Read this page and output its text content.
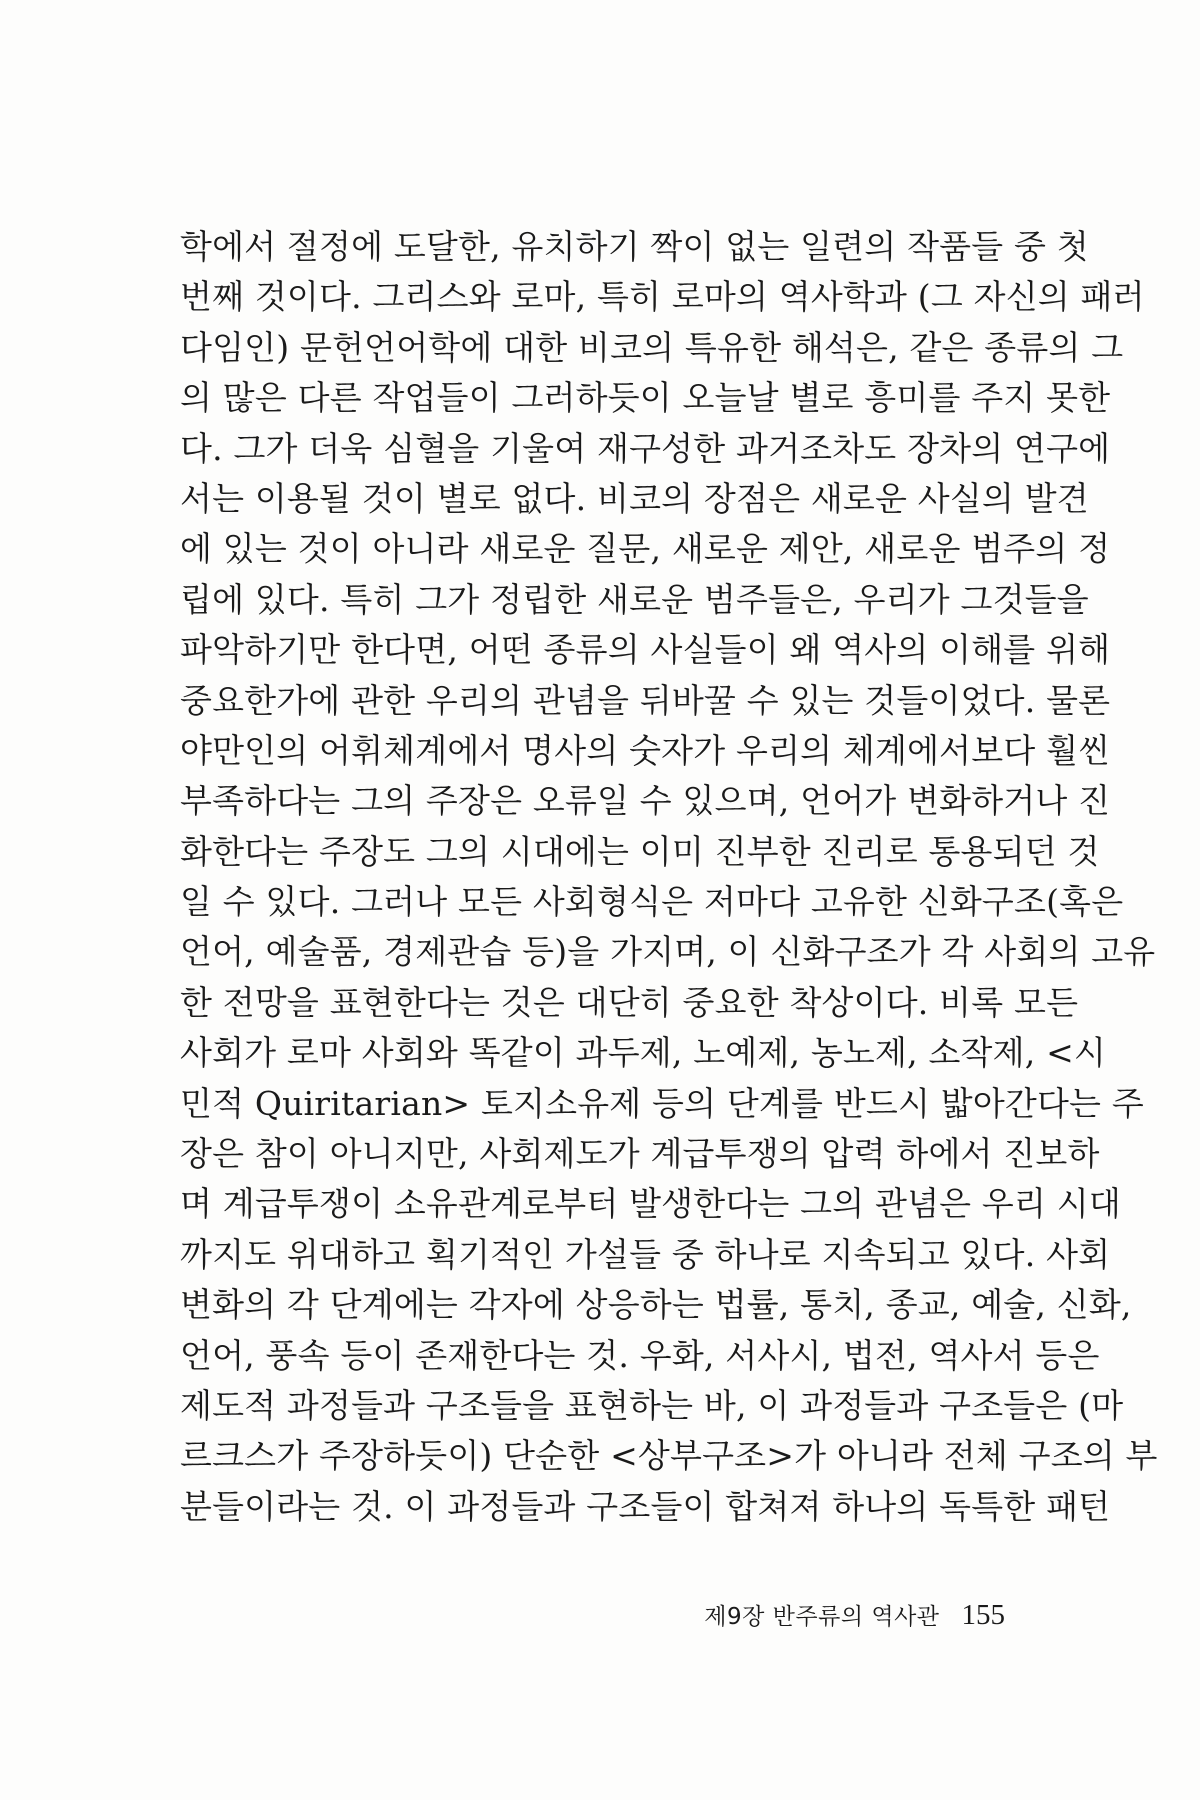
학에서 절정에 도달한, 유치하기 짝이 없는 일련의 작품들 중 첫
번째 것이다. 그리스와 로마, 특히 로마의 역사학과 (그 자신의 패러
다임인) 문헌언어학에 대한 비코의 특유한 해석은, 같은 종류의 그
의 많은 다른 작업들이 그러하듯이 오늘날 별로 흥미를 주지 못한
다. 그가 더욱 심혈을 기울여 재구성한 과거조차도 장차의 연구에
서는 이용될 것이 별로 없다. 비코의 장점은 새로운 사실의 발견
에 있는 것이 아니라 새로운 질문, 새로운 제안, 새로운 범주의 정
립에 있다. 특히 그가 정립한 새로운 범주들은, 우리가 그것들을
파악하기만 한다면, 어떤 종류의 사실들이 왜 역사의 이해를 위해
중요한가에 관한 우리의 관념을 뒤바꿀 수 있는 것들이었다. 물론
야만인의 어휘체계에서 명사의 숫자가 우리의 체계에서보다 훨씬
부족하다는 그의 주장은 오류일 수 있으며, 언어가 변화하거나 진
화한다는 주장도 그의 시대에는 이미 진부한 진리로 통용되던 것
일 수 있다. 그러나 모든 사회형식은 저마다 고유한 신화구조(혹은
언어, 예술품, 경제관습 등)을 가지며, 이 신화구조가 각 사회의 고유
한 전망을 표현한다는 것은 대단히 중요한 착상이다. 비록 모든
사회가 로마 사회와 똑같이 과두제, 노예제, 농노제, 소작제, <시
민적 Quiritarian> 토지소유제 등의 단계를 반드시 밟아간다는 주
장은 참이 아니지만, 사회제도가 계급투쟁의 압력 하에서 진보하
며 계급투쟁이 소유관계로부터 발생한다는 그의 관념은 우리 시대
까지도 위대하고 획기적인 가설들 중 하나로 지속되고 있다. 사회
변화의 각 단계에는 각자에 상응하는 법률, 통치, 종교, 예술, 신화,
언어, 풍속 등이 존재한다는 것. 우화, 서사시, 법전, 역사서 등은
제도적 과정들과 구조들을 표현하는 바, 이 과정들과 구조들은 (마
르크스가 주장하듯이) 단순한 <상부구조>가 아니라 전체 구조의 부
분들이라는 것. 이 과정들과 구조들이 합쳐져 하나의 독특한 패턴
제9장 반주류의 역사관 155
